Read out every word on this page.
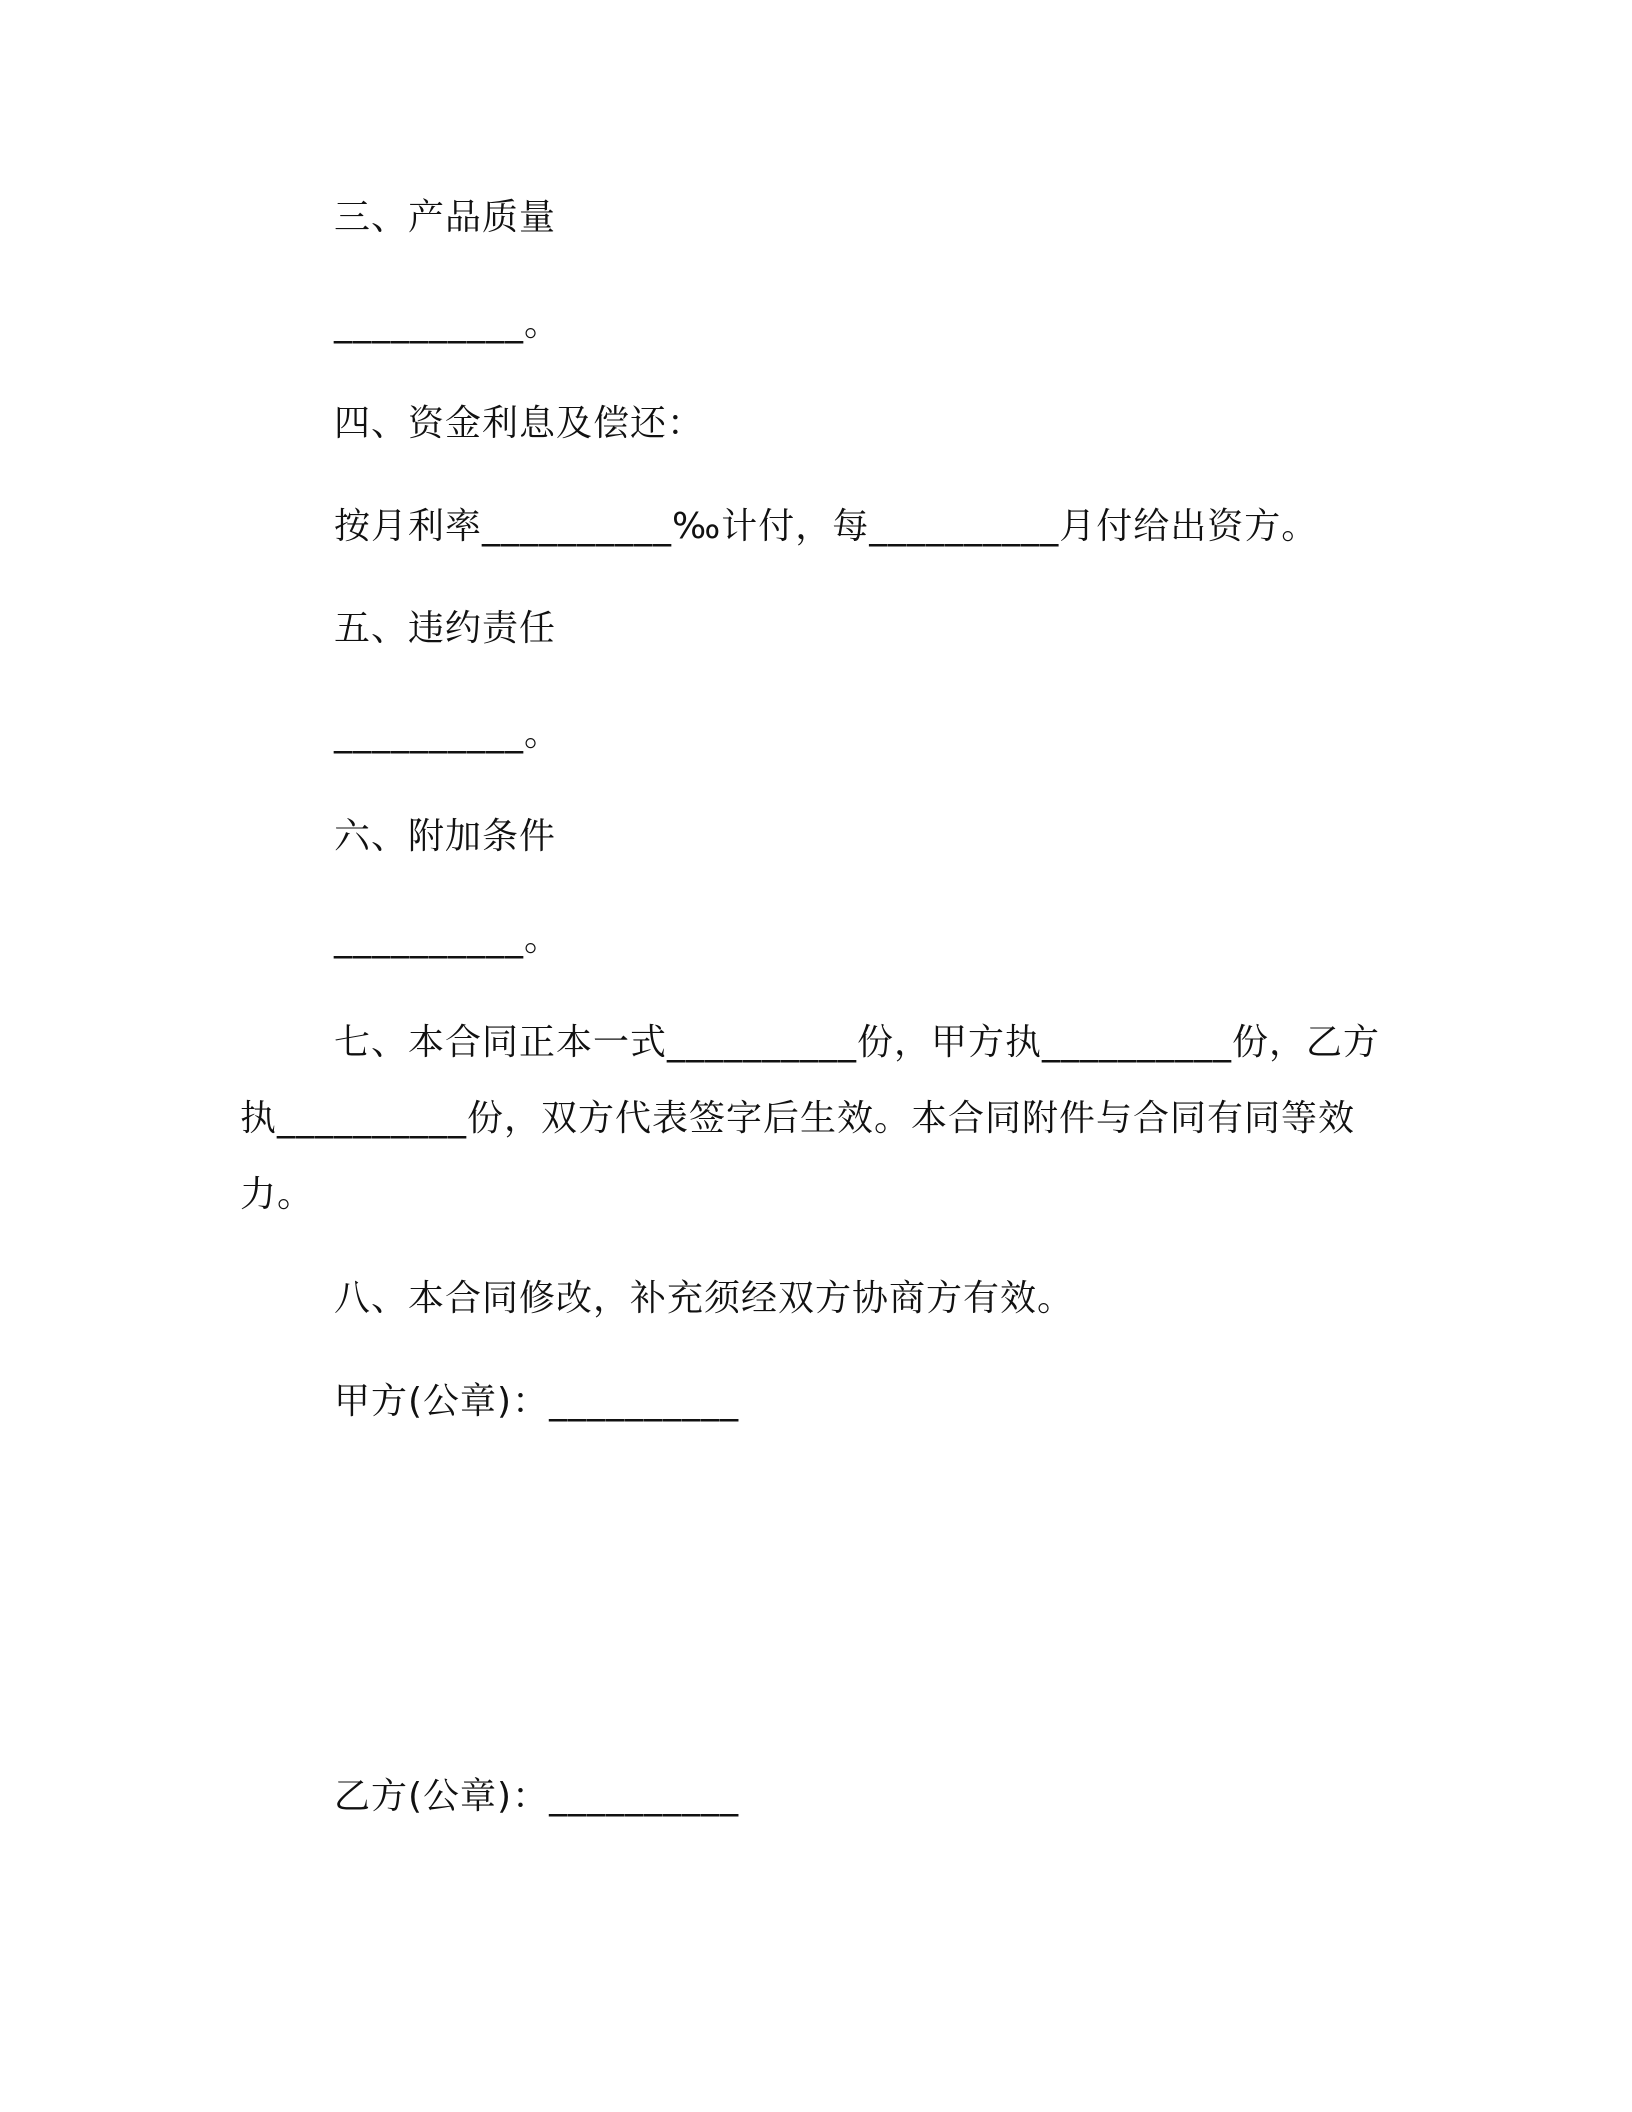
三、产品质量
__________。
四、资金利息及偿还：
按月利率__________‰计付，每__________月付给出资方。
五、违约责任
__________。
六、附加条件
__________。
七、本合同正本一式__________份，甲方执__________份，乙方执__________份，双方代表签字后生效。本合同附件与合同有同等效力。
八、本合同修改，补充须经双方协商方有效。
甲方(公章)：__________
乙方(公章)：__________
